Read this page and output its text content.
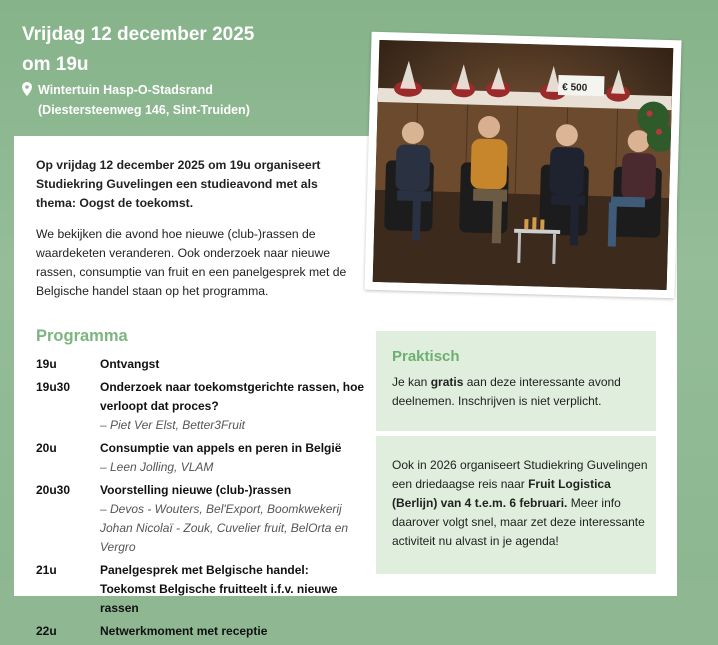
Vrijdag 12 december 2025
om 19u
Wintertuin Hasp-O-Stadsrand
(Diestersteenweg 146, Sint-Truiden)

Op vrijdag 12 december 2025 om 19u organiseert Studiekring Guvelingen een studieavond met als thema: Oogst de toekomst.

We bekijken die avond hoe nieuwe (club-)rassen de waardeketen veranderen. Ook onderzoek naar nieuwe rassen, consumptie van fruit en een panelgesprek met de Belgische handel staan op het programma.

€ 500
Programma
19u	Ontvangst
19u30	Onderzoek naar toekomstgerichte rassen, hoe verloopt dat proces?
– Piet Ver Elst, Better3Fruit
20u	Consumptie van appels en peren in België
– Leen Jolling, VLAM
20u30	Voorstelling nieuwe (club-)rassen
– Devos - Wouters, Bel'Export, Boomkwekerij Johan Nicolaï - Zouk, Cuvelier fruit, BelOrta en Vergro
21u	Panelgesprek met Belgische handel: Toekomst Belgische fruitteelt i.f.v. nieuwe rassen
22u	Netwerkmoment met receptie
Praktisch
Je kan gratis aan deze interessante avond deelnemen. Inschrijven is niet verplicht.
Ook in 2026 organiseert Studiekring Guvelingen een driedaagse reis naar Fruit Logistica (Berlijn) van 4 t.e.m. 6 februari. Meer info daarover volgt snel, maar zet deze interessante activiteit nu alvast in je agenda!
